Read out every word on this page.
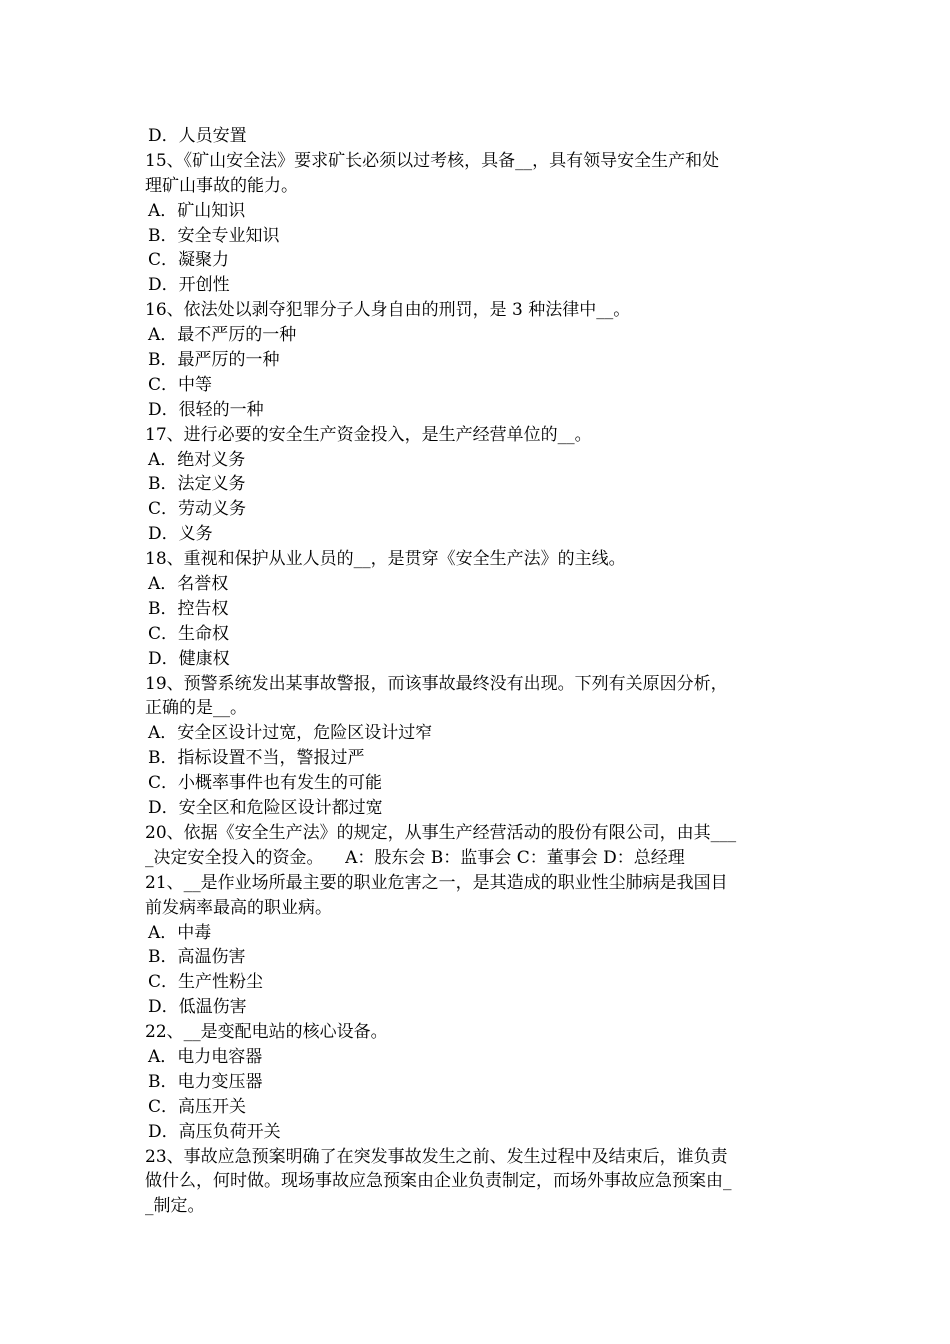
D．人员安置
15、《矿山安全法》要求矿长必须以过考核，具备__，具有领导安全生产和处
理矿山事故的能力。
A．矿山知识
B．安全专业知识
C．凝聚力
D．开创性
16、依法处以剥夺犯罪分子人身自由的刑罚，是 3 种法律中__。
A．最不严厉的一种
B．最严厉的一种
C．中等
D．很轻的一种
17、进行必要的安全生产资金投入，是生产经营单位的__。
A．绝对义务
B．法定义务
C．劳动义务
D．义务
18、重视和保护从业人员的__，是贯穿《安全生产法》的主线。
A．名誉权
B．控告权
C．生命权
D．健康权
19、预警系统发出某事故警报，而该事故最终没有出现。下列有关原因分析，
正确的是__。
A．安全区设计过宽，危险区设计过窄
B．指标设置不当，警报过严
C．小概率事件也有发生的可能
D．安全区和危险区设计都过宽
20、依据《安全生产法》的规定，从事生产经营活动的股份有限公司，由其___
_决定安全投入的资金。    A：股东会 B：监事会 C：董事会 D：总经理
21、__是作业场所最主要的职业危害之一，是其造成的职业性尘肺病是我国目
前发病率最高的职业病。
A．中毒
B．高温伤害
C．生产性粉尘
D．低温伤害
22、__是变配电站的核心设备。
A．电力电容器
B．电力变压器
C．高压开关
D．高压负荷开关
23、事故应急预案明确了在突发事故发生之前、发生过程中及结束后，谁负责
做什么，何时做。现场事故应急预案由企业负责制定，而场外事故应急预案由_
_制定。
